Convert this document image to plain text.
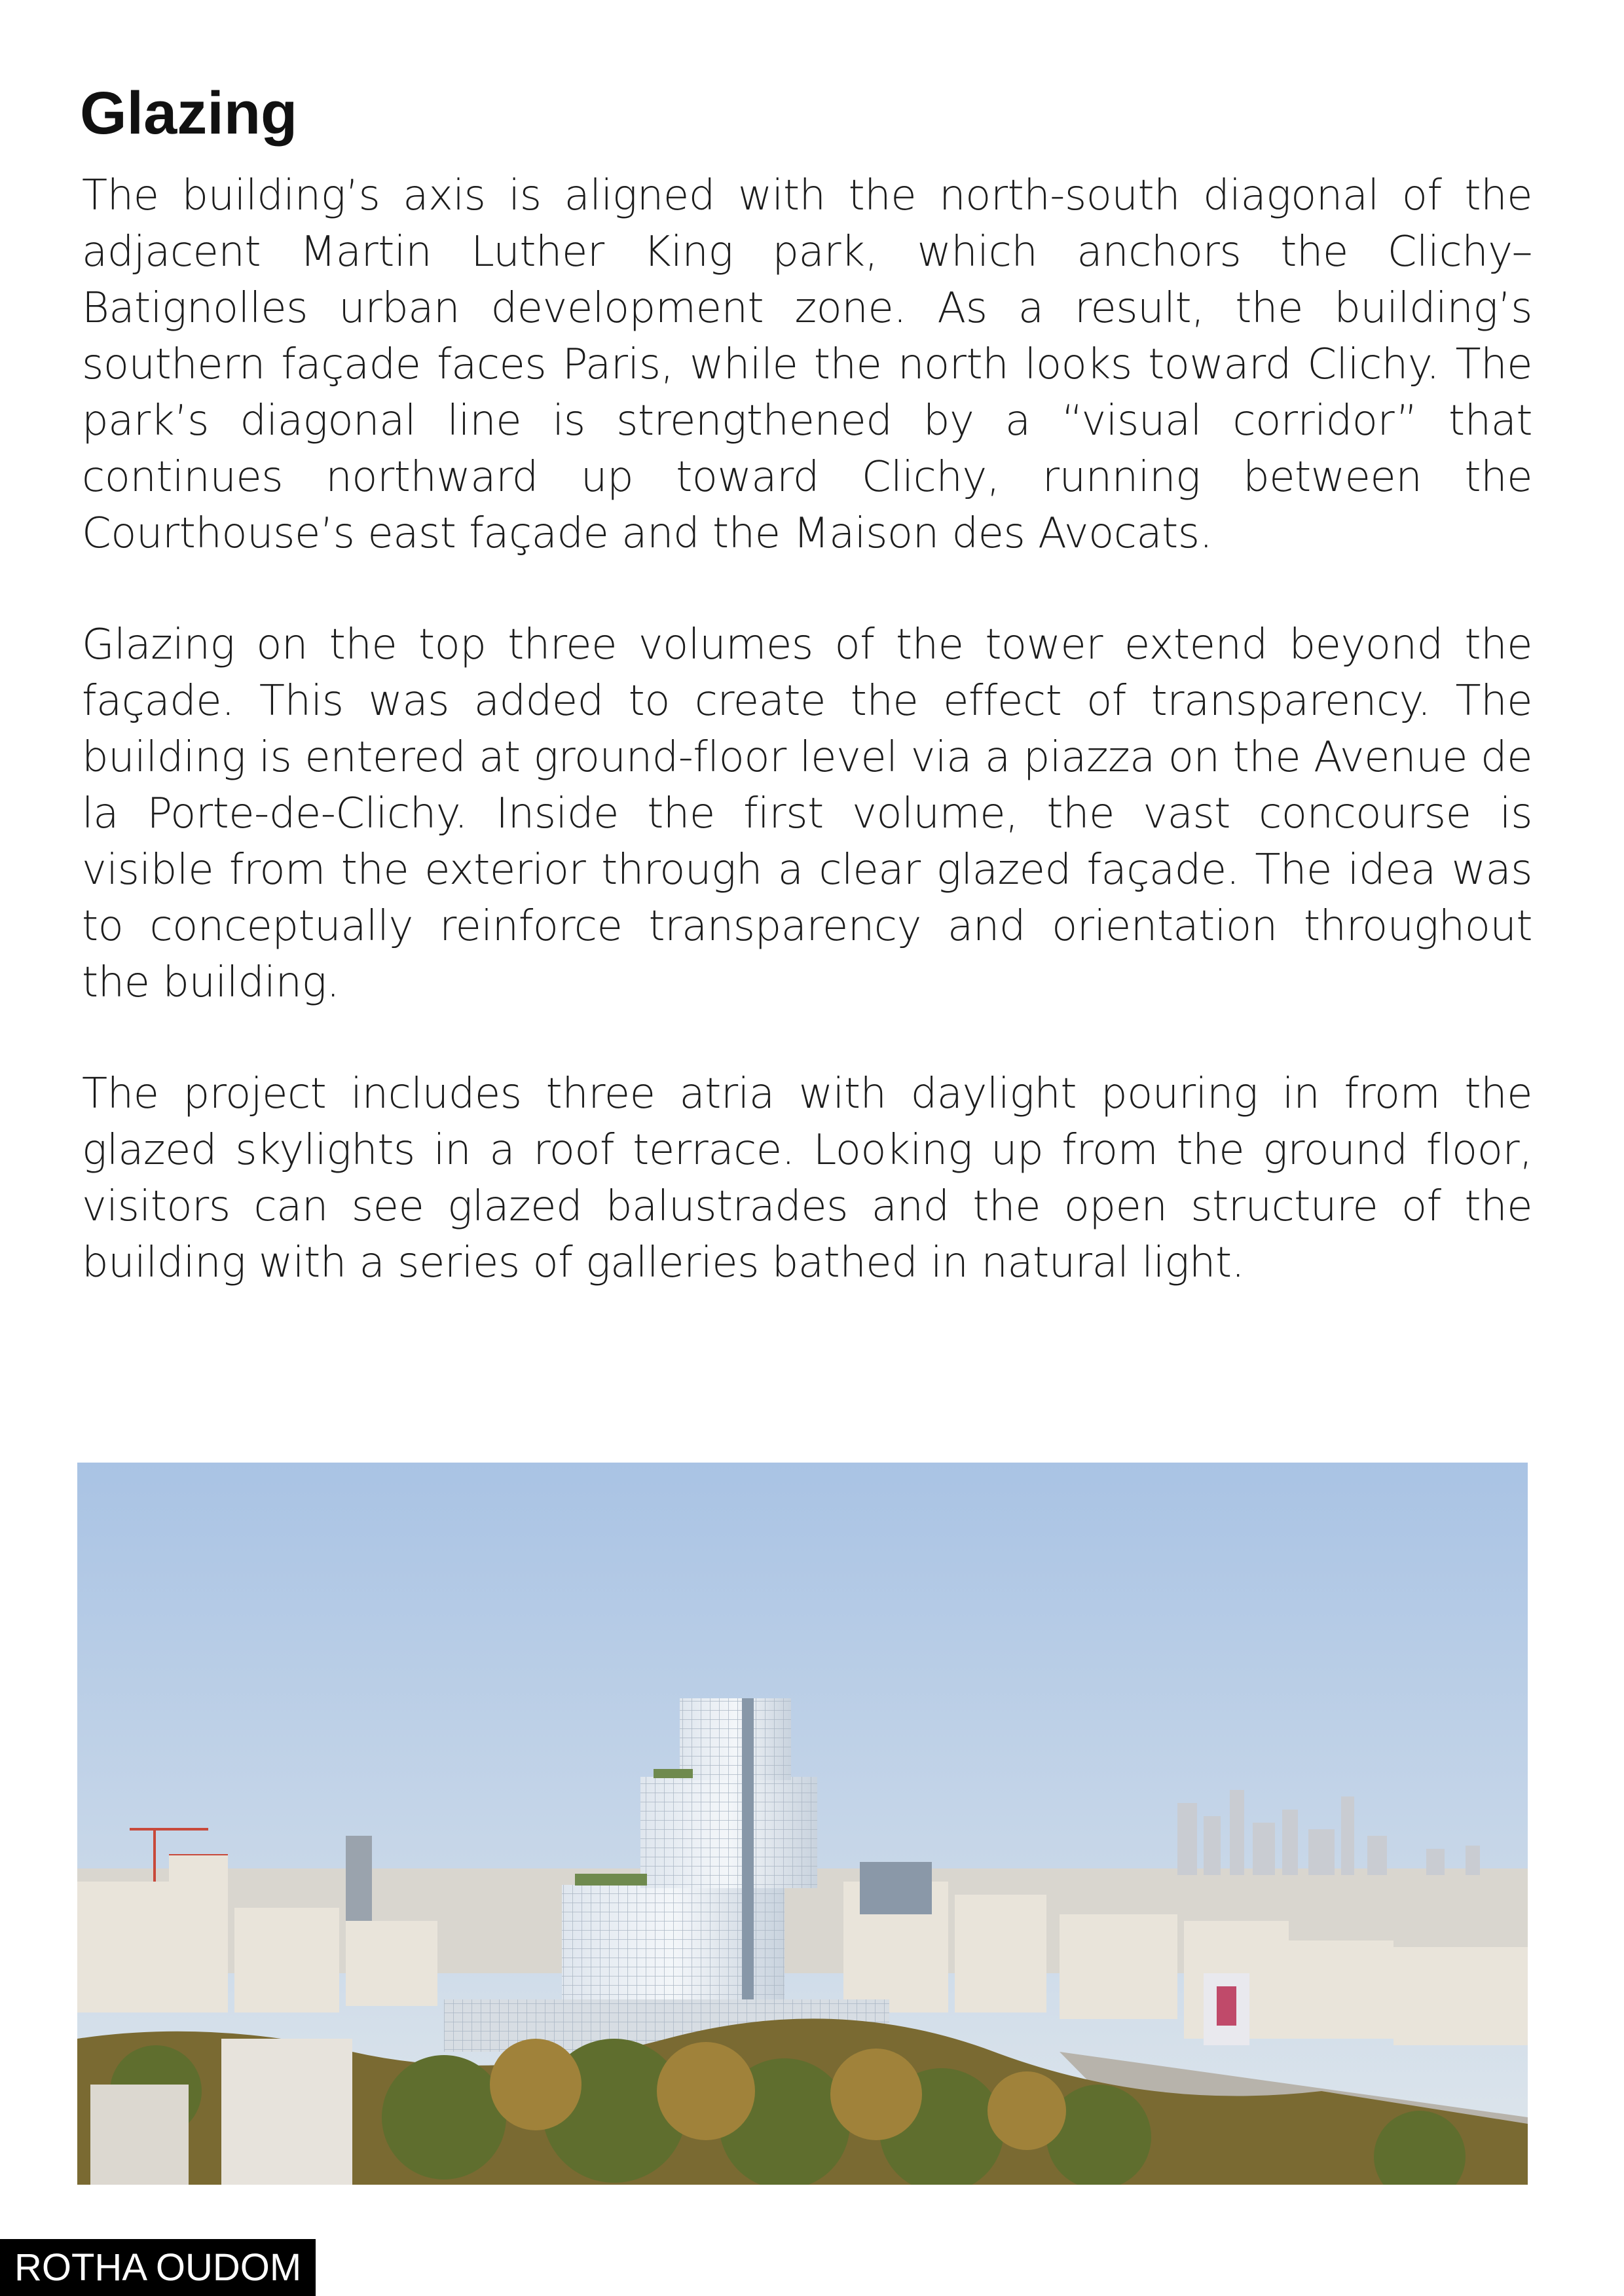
Glazing
The building’s axis is aligned with the north-south diagonal of the adjacent Martin Luther King park, which anchors the Clichy–Batignolles urban development zone. As a result, the building’s southern façade faces Paris, while the north looks toward Clichy. The park’s diagonal line is strengthened by a “visual corridor” that continues northward up toward Clichy, running between the Courthouse’s east façade and the Maison des Avocats.
Glazing on the top three volumes of the tower extend beyond the façade. This was added to create the effect of transparency. The building is entered at ground-floor level via a piazza on the Avenue de la Porte-de-Clichy. Inside the first volume, the vast concourse is visible from the exterior through a clear glazed façade. The idea was to conceptually reinforce transparency and orientation throughout the building.
The project includes three atria with daylight pouring in from the glazed skylights in a roof terrace. Looking up from the ground floor, visitors can see glazed balustrades and the open structure of the building with a series of galleries bathed in natural light.
ROTHA OUDOM
